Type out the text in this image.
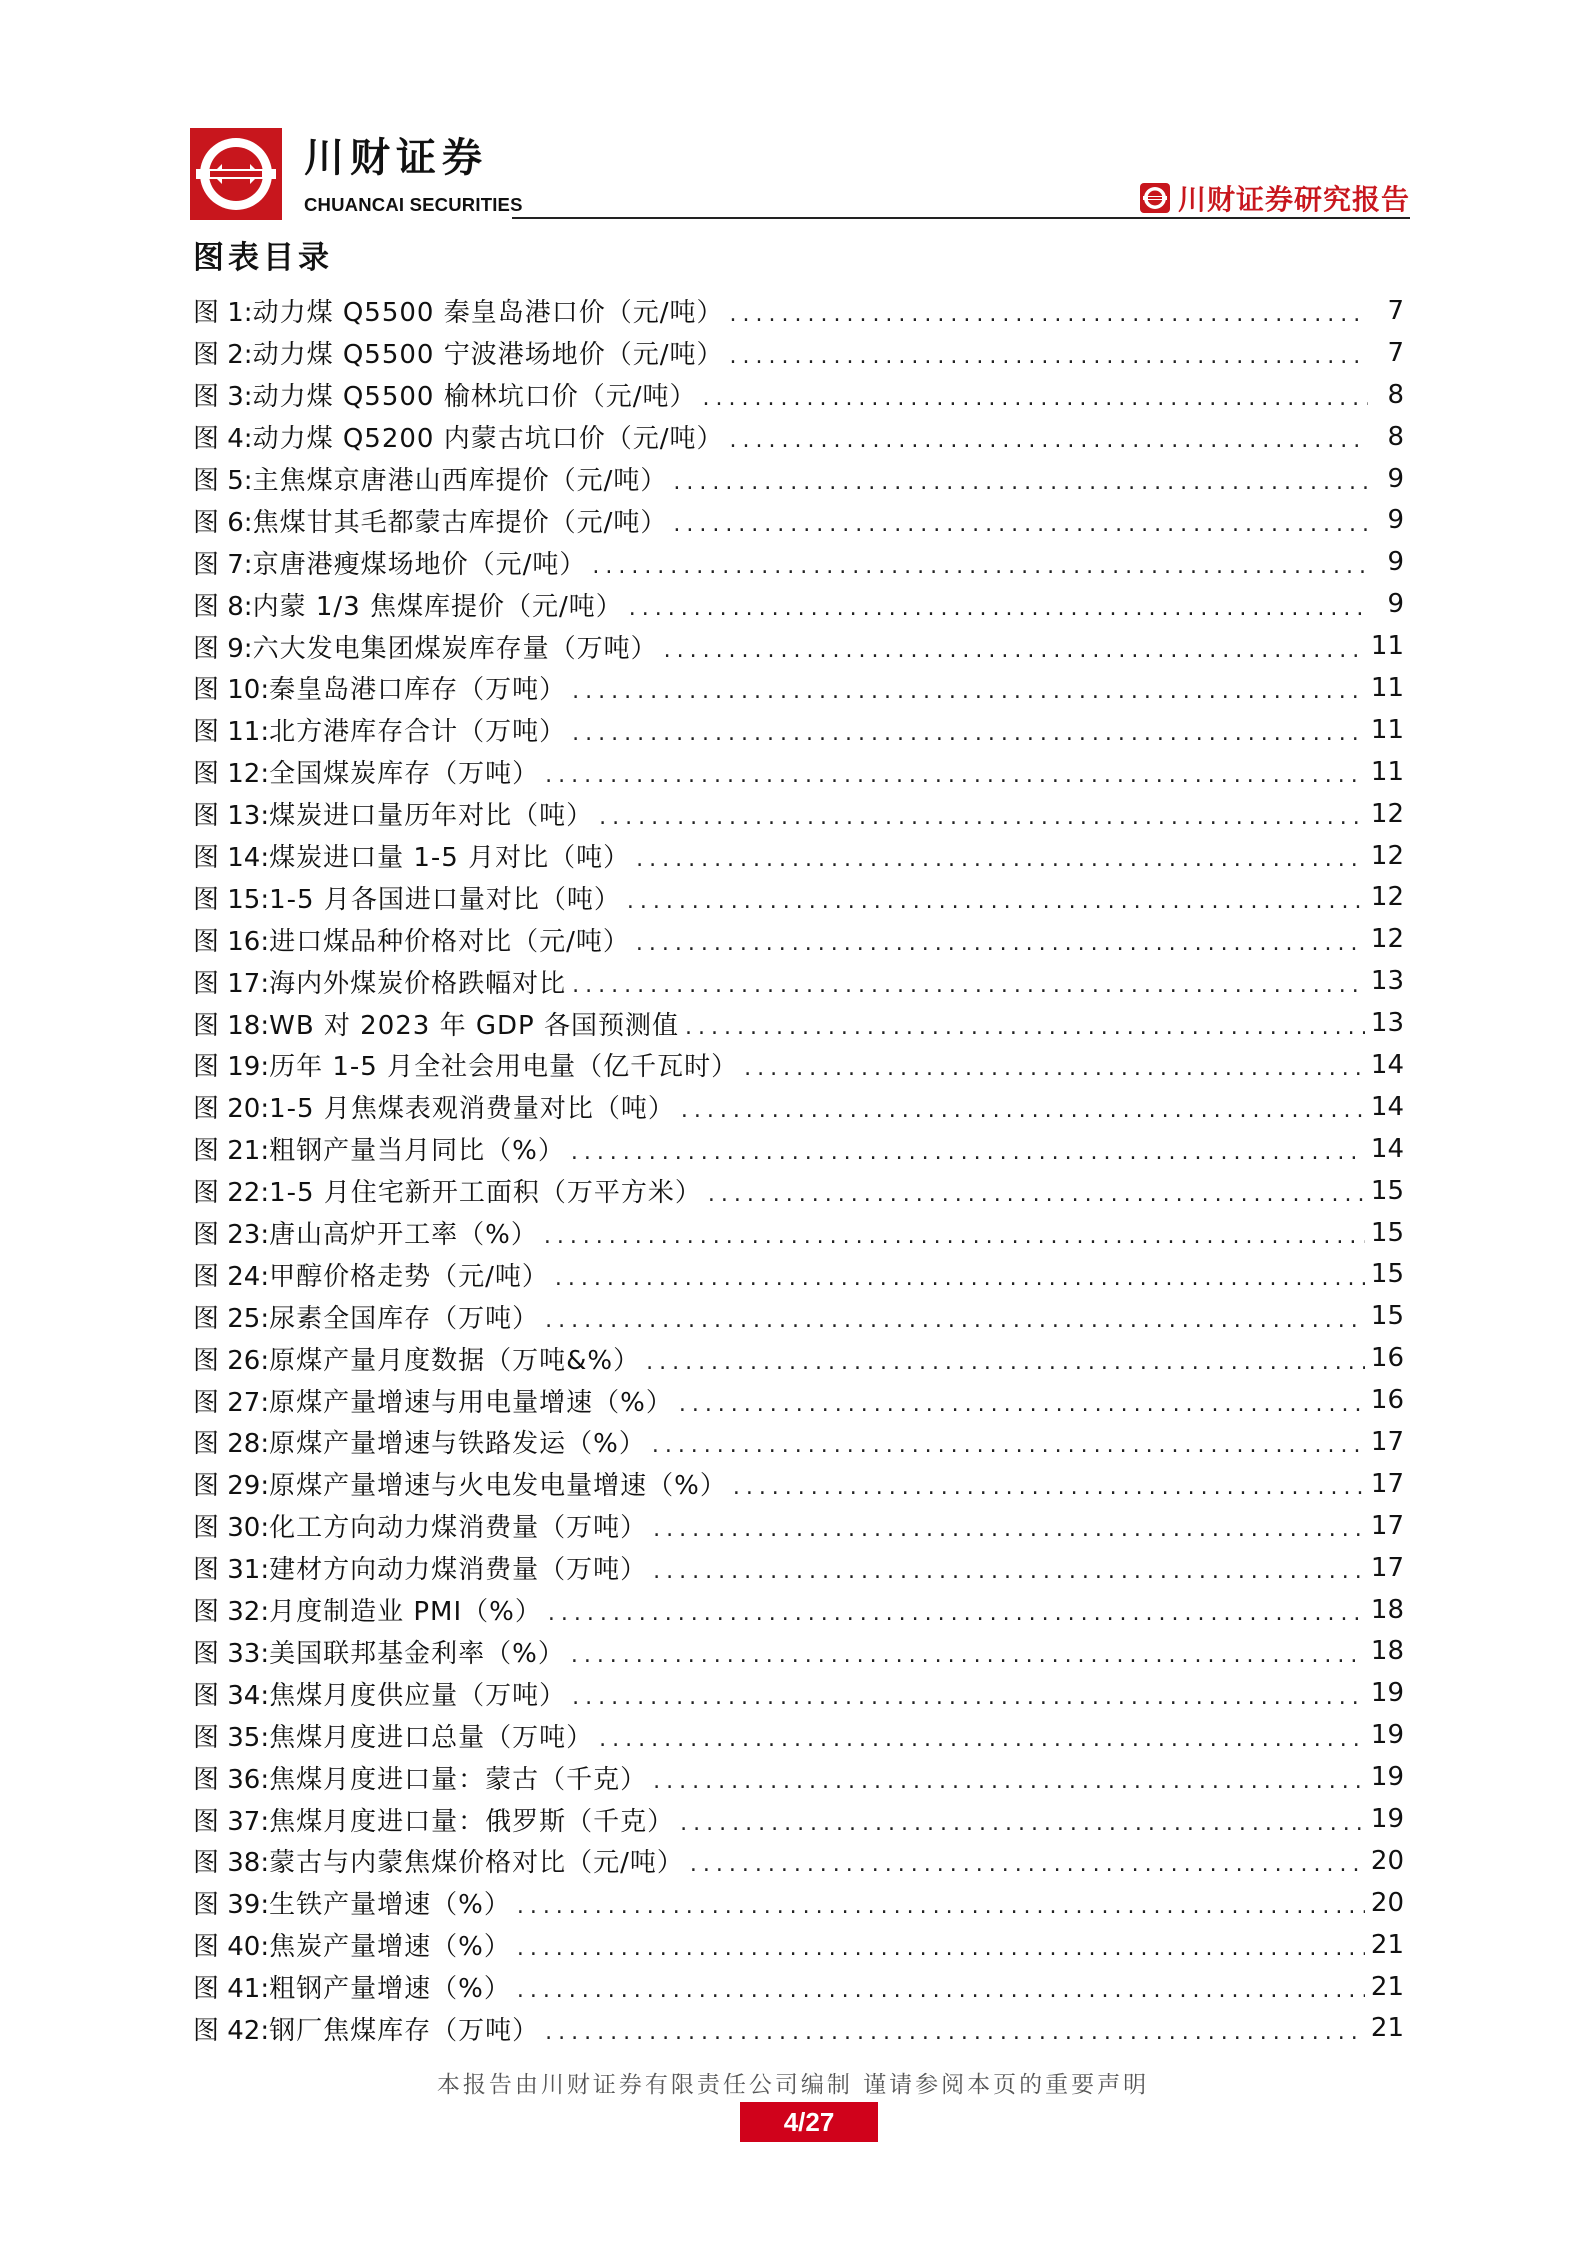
川财证券
CHUANCAI SECURITIES	川财证券研究报告
图表目录
图 1: 动力煤 Q5500 秦皇岛港口价（元/吨） .....	7
图 2: 动力煤 Q5500 宁波港场地价（元/吨） .....	7
图 3: 动力煤 Q5500 榆林坑口价（元/吨） .....	8
图 4: 动力煤 Q5200 内蒙古坑口价（元/吨） .....	8
图 5: 主焦煤京唐港山西库提价（元/吨） .....	9
图 6: 焦煤甘其毛都蒙古库提价（元/吨） .....	9
图 7: 京唐港瘦煤场地价（元/吨） .....	9
图 8: 内蒙 1/3 焦煤库提价（元/吨） .....	9
图 9: 六大发电集团煤炭库存量（万吨） .....	11
图 10: 秦皇岛港口库存（万吨） .....	11
图 11: 北方港库存合计（万吨） .....	11
图 12: 全国煤炭库存（万吨） .....	11
图 13: 煤炭进口量历年对比（吨） .....	12
图 14: 煤炭进口量 1-5 月对比（吨） .....	12
图 15: 1-5 月各国进口量对比（吨） .....	12
图 16: 进口煤品种价格对比（元/吨） .....	12
图 17: 海内外煤炭价格跌幅对比 .....	13
图 18: WB 对 2023 年 GDP 各国预测值 .....	13
图 19: 历年 1-5 月全社会用电量（亿千瓦时） .....	14
图 20: 1-5 月焦煤表观消费量对比（吨） .....	14
图 21: 粗钢产量当月同比（%） .....	14
图 22: 1-5 月住宅新开工面积（万平方米） .....	15
图 23: 唐山高炉开工率（%） .....	15
图 24: 甲醇价格走势（元/吨） .....	15
图 25: 尿素全国库存（万吨） .....	15
图 26: 原煤产量月度数据（万吨&%） .....	16
图 27: 原煤产量增速与用电量增速（%） .....	16
图 28: 原煤产量增速与铁路发运（%） .....	17
图 29: 原煤产量增速与火电发电量增速（%） .....	17
图 30: 化工方向动力煤消费量（万吨） .....	17
图 31: 建材方向动力煤消费量（万吨） .....	17
图 32: 月度制造业 PMI（%） .....	18
图 33: 美国联邦基金利率（%） .....	18
图 34: 焦煤月度供应量（万吨） .....	19
图 35: 焦煤月度进口总量（万吨） .....	19
图 36: 焦煤月度进口量：蒙古（千克） .....	19
图 37: 焦煤月度进口量：俄罗斯（千克） .....	19
图 38: 蒙古与内蒙焦煤价格对比（元/吨） .....	20
图 39: 生铁产量增速（%） .....	20
图 40: 焦炭产量增速（%） .....	21
图 41: 粗钢产量增速（%） .....	21
图 42: 钢厂焦煤库存（万吨） .....	21
本报告由川财证券有限责任公司编制 谨请参阅本页的重要声明
4/27
